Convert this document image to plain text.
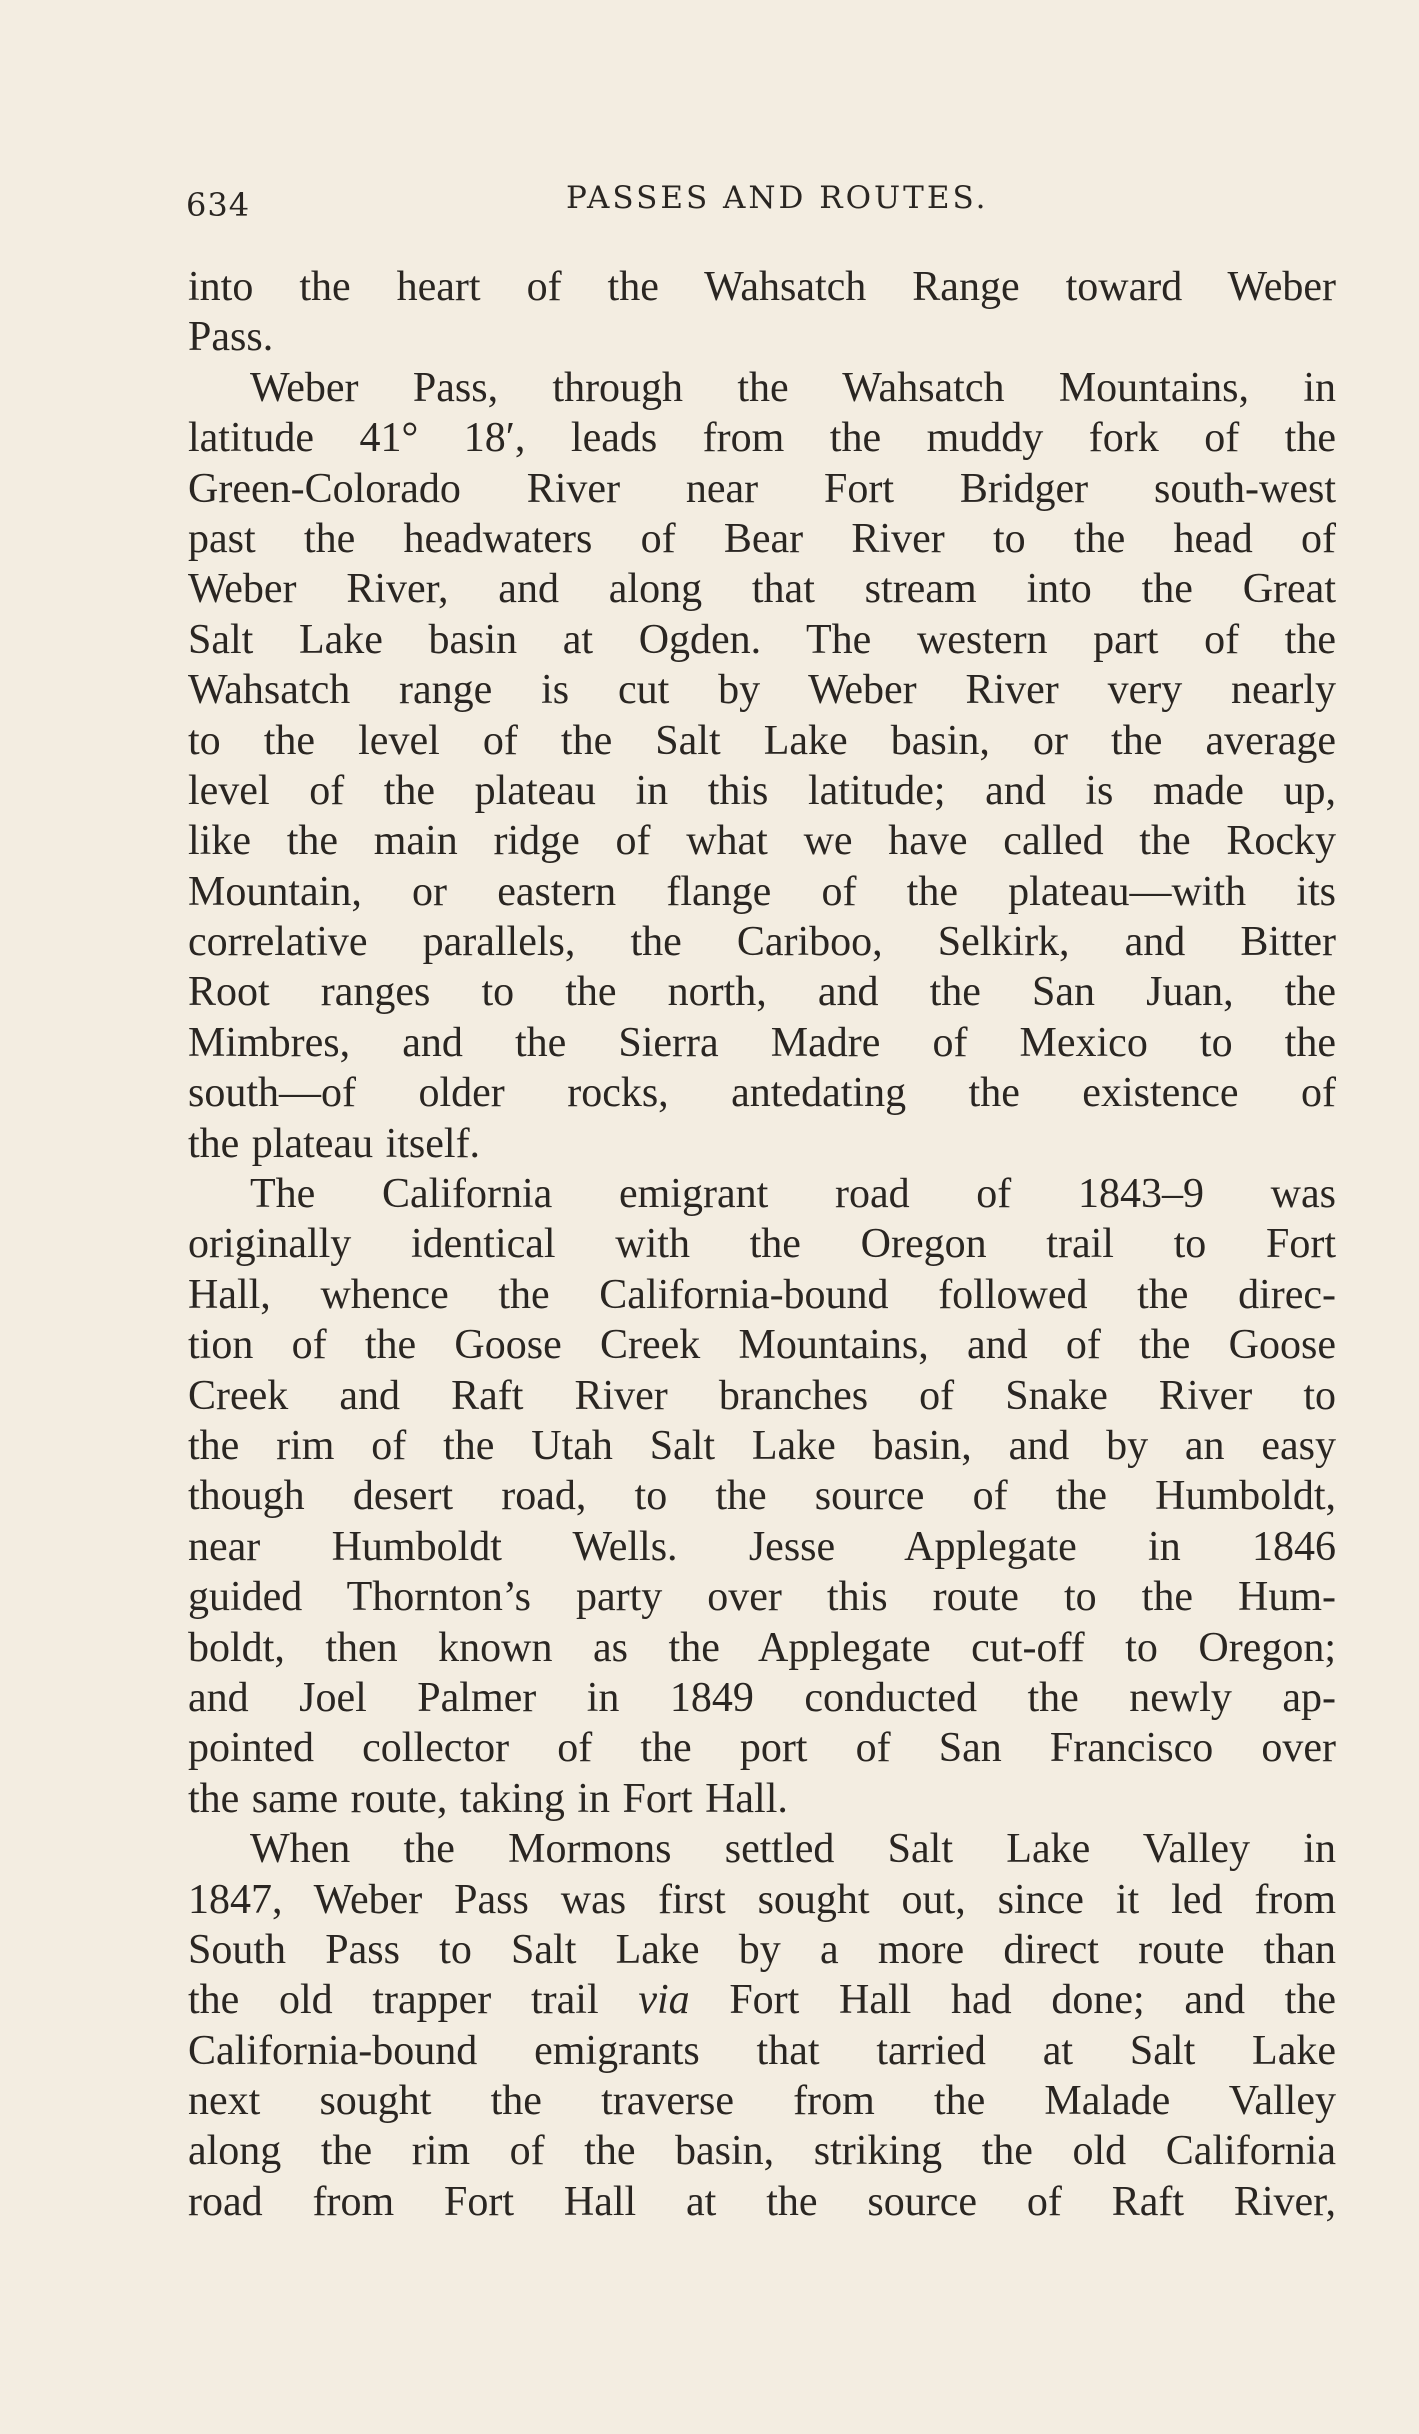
634	PASSES AND ROUTES.
into the heart of the Wahsatch Range toward Weber
Pass.
Weber Pass, through the Wahsatch Mountains, in
latitude 41° 18′, leads from the muddy fork of the
Green-Colorado River near Fort Bridger south-west
past the headwaters of Bear River to the head of
Weber River, and along that stream into the Great
Salt Lake basin at Ogden. The western part of the
Wahsatch range is cut by Weber River very nearly
to the level of the Salt Lake basin, or the average
level of the plateau in this latitude; and is made up,
like the main ridge of what we have called the Rocky
Mountain, or eastern flange of the plateau—with its
correlative parallels, the Cariboo, Selkirk, and Bitter
Root ranges to the north, and the San Juan, the
Mimbres, and the Sierra Madre of Mexico to the
south—of older rocks, antedating the existence of
the plateau itself.
The California emigrant road of 1843–9 was
originally identical with the Oregon trail to Fort
Hall, whence the California-bound followed the direc-
tion of the Goose Creek Mountains, and of the Goose
Creek and Raft River branches of Snake River to
the rim of the Utah Salt Lake basin, and by an easy
though desert road, to the source of the Humboldt,
near Humboldt Wells. Jesse Applegate in 1846
guided Thornton’s party over this route to the Hum-
boldt, then known as the Applegate cut-off to Oregon;
and Joel Palmer in 1849 conducted the newly ap-
pointed collector of the port of San Francisco over
the same route, taking in Fort Hall.
When the Mormons settled Salt Lake Valley in
1847, Weber Pass was first sought out, since it led from
South Pass to Salt Lake by a more direct route than
the old trapper trail via Fort Hall had done; and the
California-bound emigrants that tarried at Salt Lake
next sought the traverse from the Malade Valley
along the rim of the basin, striking the old California
road from Fort Hall at the source of Raft River,
